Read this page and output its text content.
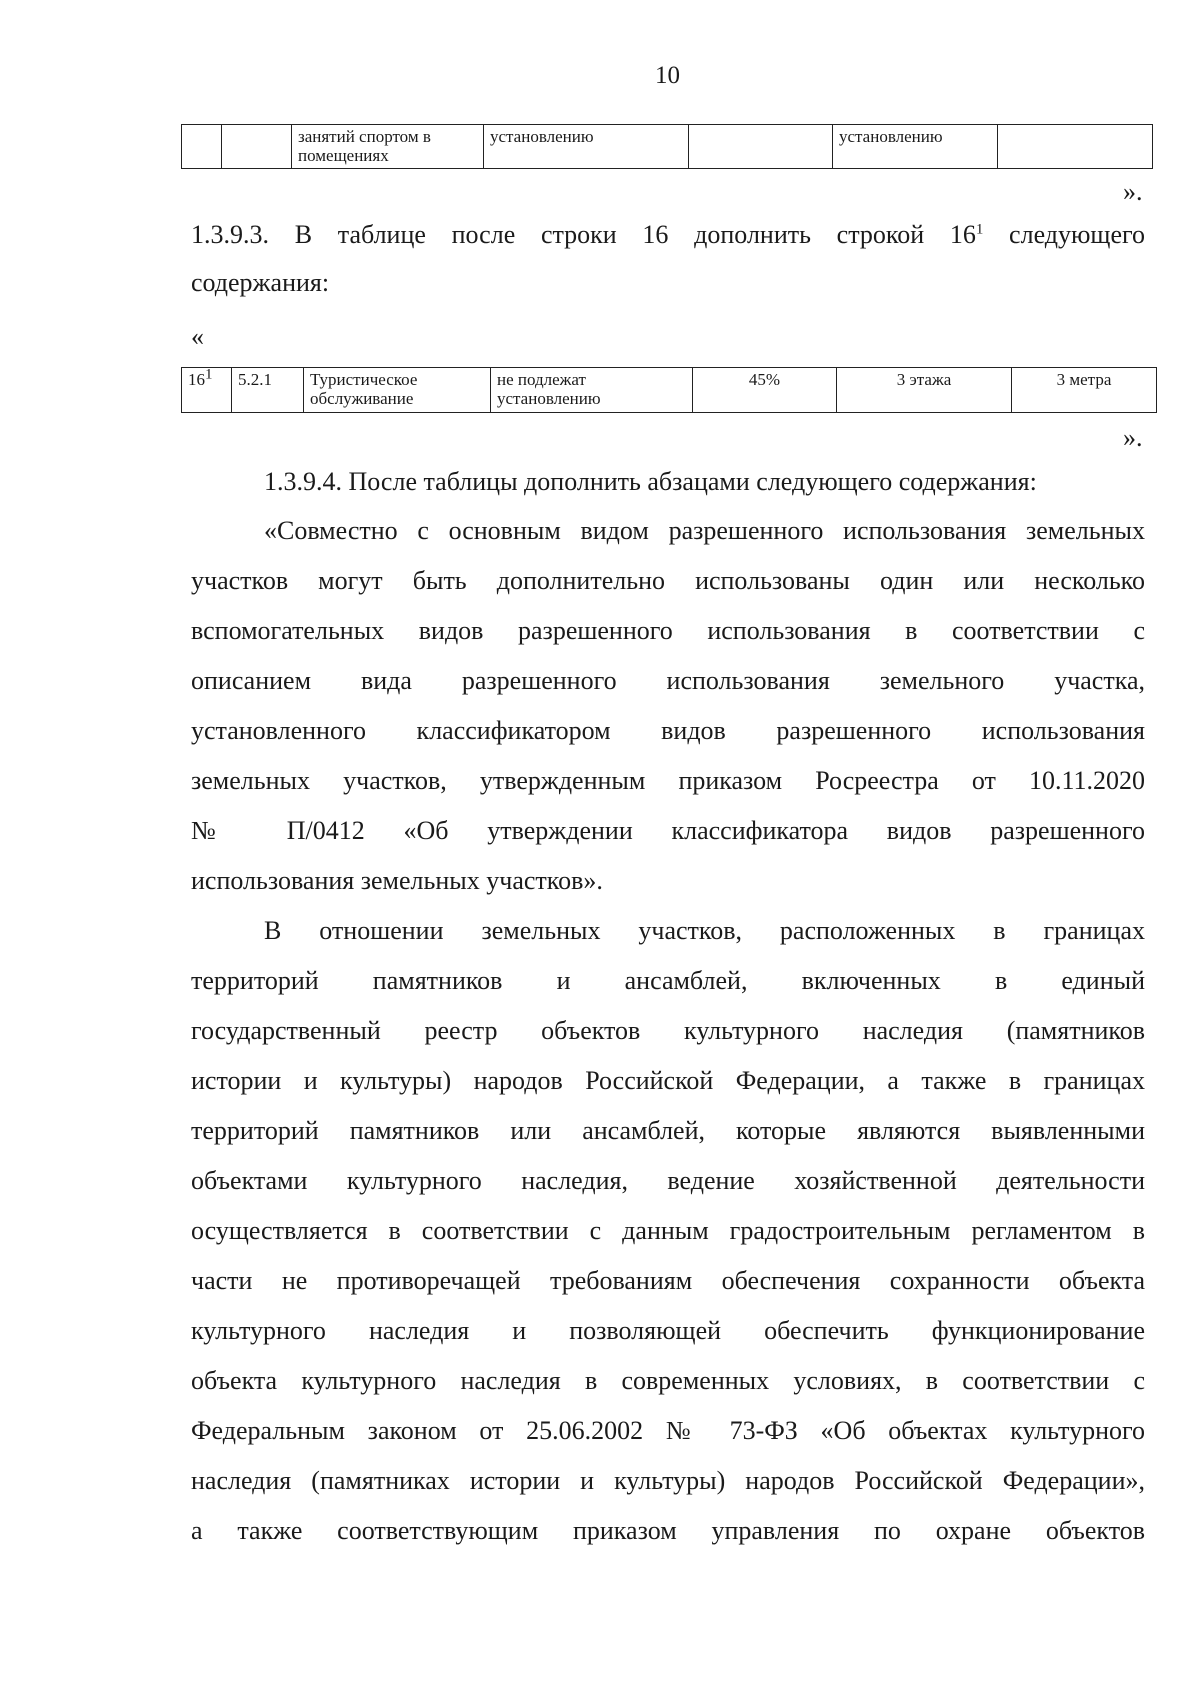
10
		занятий спортом в помещениях	установлению		установлению	
».
1.3.9.3. В таблице после строки 16 дополнить строкой $16^1$ следующего
содержания:
«
$16^1$	5.2.1	Туристическое обслуживание	не подлежат установлению	45%	3 этажа	3 метра
».
1.3.9.4. После таблицы дополнить абзацами следующего содержания:
«Совместно с основным видом разрешенного использования земельных
участков могут быть дополнительно использованы один или несколько
вспомогательных видов разрешенного использования в соответствии с
описанием вида разрешенного использования земельного участка,
установленного классификатором видов разрешенного использования
земельных участков, утвержденным приказом Росреестра от 10.11.2020
№ П/0412 «Об утверждении классификатора видов разрешенного
использования земельных участков».
В отношении земельных участков, расположенных в границах
территорий памятников и ансамблей, включенных в единый
государственный реестр объектов культурного наследия (памятников
истории и культуры) народов Российской Федерации, а также в границах
территорий памятников или ансамблей, которые являются выявленными
объектами культурного наследия, ведение хозяйственной деятельности
осуществляется в соответствии с данным градостроительным регламентом в
части не противоречащей требованиям обеспечения сохранности объекта
культурного наследия и позволяющей обеспечить функционирование
объекта культурного наследия в современных условиях, в соответствии с
Федеральным законом от 25.06.2002 № 73-ФЗ «Об объектах культурного
наследия (памятниках истории и культуры) народов Российской Федерации»,
а также соответствующим приказом управления по охране объектов
